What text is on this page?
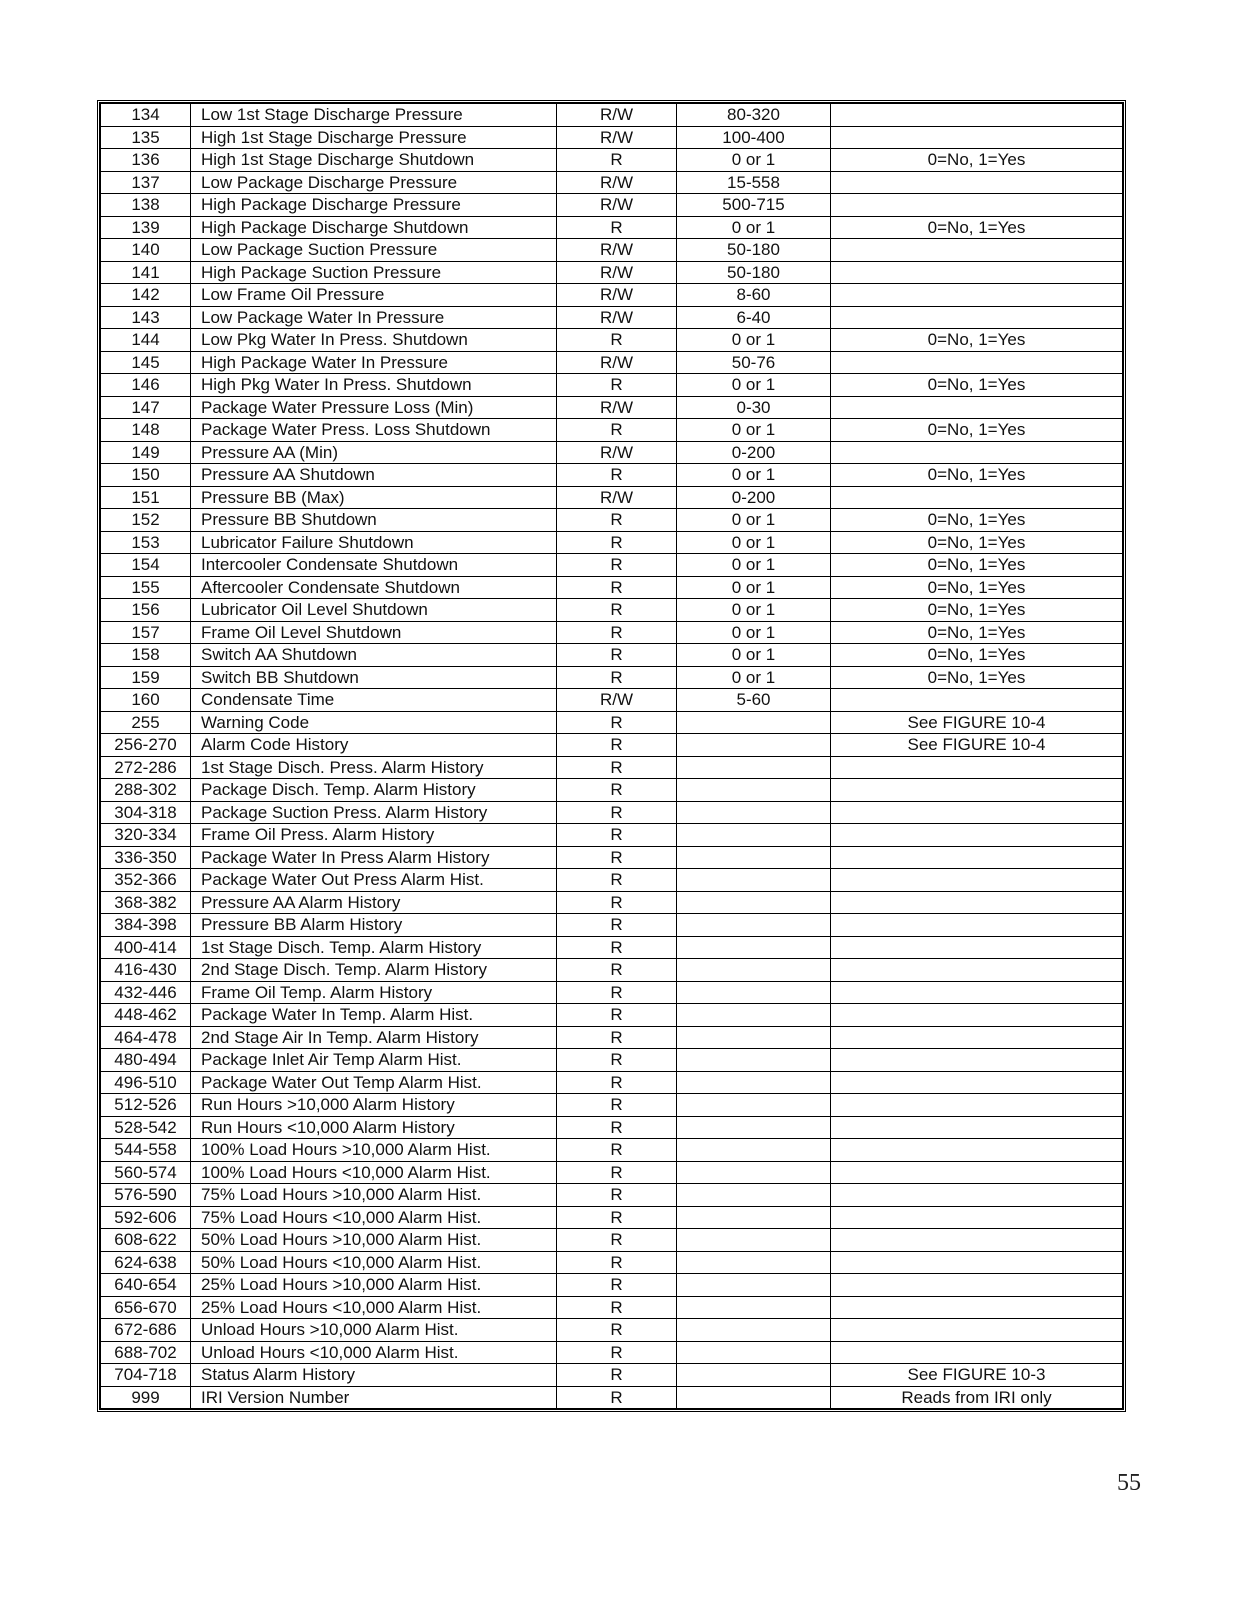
134	Low 1st Stage Discharge Pressure	R/W	80-320	
135	High 1st Stage Discharge Pressure	R/W	100-400	
136	High 1st Stage Discharge Shutdown	R	0 or 1	0=No, 1=Yes
137	Low Package Discharge Pressure	R/W	15-558	
138	High Package Discharge Pressure	R/W	500-715	
139	High Package Discharge Shutdown	R	0 or 1	0=No, 1=Yes
140	Low Package Suction Pressure	R/W	50-180	
141	High Package Suction Pressure	R/W	50-180	
142	Low Frame Oil Pressure	R/W	8-60	
143	Low Package Water In Pressure	R/W	6-40	
144	Low Pkg Water In Press. Shutdown	R	0 or 1	0=No, 1=Yes
145	High Package Water In Pressure	R/W	50-76	
146	High Pkg Water In Press. Shutdown	R	0 or 1	0=No, 1=Yes
147	Package Water Pressure Loss (Min)	R/W	0-30	
148	Package Water Press. Loss Shutdown	R	0 or 1	0=No, 1=Yes
149	Pressure AA (Min)	R/W	0-200	
150	Pressure AA Shutdown	R	0 or 1	0=No, 1=Yes
151	Pressure BB (Max)	R/W	0-200	
152	Pressure BB Shutdown	R	0 or 1	0=No, 1=Yes
153	Lubricator Failure Shutdown	R	0 or 1	0=No, 1=Yes
154	Intercooler Condensate Shutdown	R	0 or 1	0=No, 1=Yes
155	Aftercooler Condensate Shutdown	R	0 or 1	0=No, 1=Yes
156	Lubricator Oil Level Shutdown	R	0 or 1	0=No, 1=Yes
157	Frame Oil Level Shutdown	R	0 or 1	0=No, 1=Yes
158	Switch AA Shutdown	R	0 or 1	0=No, 1=Yes
159	Switch BB Shutdown	R	0 or 1	0=No, 1=Yes
160	Condensate Time	R/W	5-60	
255	Warning Code	R		See FIGURE 10-4
256-270	Alarm Code History	R		See FIGURE 10-4
272-286	1st Stage Disch. Press. Alarm History	R		
288-302	Package Disch. Temp. Alarm History	R		
304-318	Package Suction Press. Alarm History	R		
320-334	Frame Oil Press. Alarm History	R		
336-350	Package Water In Press Alarm History	R		
352-366	Package Water Out Press Alarm Hist.	R		
368-382	Pressure AA Alarm History	R		
384-398	Pressure BB Alarm History	R		
400-414	1st Stage Disch. Temp. Alarm History	R		
416-430	2nd Stage Disch. Temp. Alarm History	R		
432-446	Frame Oil Temp. Alarm History	R		
448-462	Package Water In Temp. Alarm Hist.	R		
464-478	2nd Stage Air In Temp. Alarm History	R		
480-494	Package Inlet Air Temp Alarm Hist.	R		
496-510	Package Water Out Temp Alarm Hist.	R		
512-526	Run Hours >10,000 Alarm History	R		
528-542	Run Hours <10,000 Alarm History	R		
544-558	100% Load Hours >10,000 Alarm Hist.	R		
560-574	100% Load Hours <10,000 Alarm Hist.	R		
576-590	75% Load Hours >10,000 Alarm Hist.	R		
592-606	75% Load Hours <10,000 Alarm Hist.	R		
608-622	50% Load Hours >10,000 Alarm Hist.	R		
624-638	50% Load Hours <10,000 Alarm Hist.	R		
640-654	25% Load Hours >10,000 Alarm Hist.	R		
656-670	25% Load Hours <10,000 Alarm Hist.	R		
672-686	Unload Hours >10,000 Alarm Hist.	R		
688-702	Unload Hours <10,000 Alarm Hist.	R		
704-718	Status Alarm History	R		See FIGURE 10-3
999	IRI Version Number	R		Reads from IRI only
55
